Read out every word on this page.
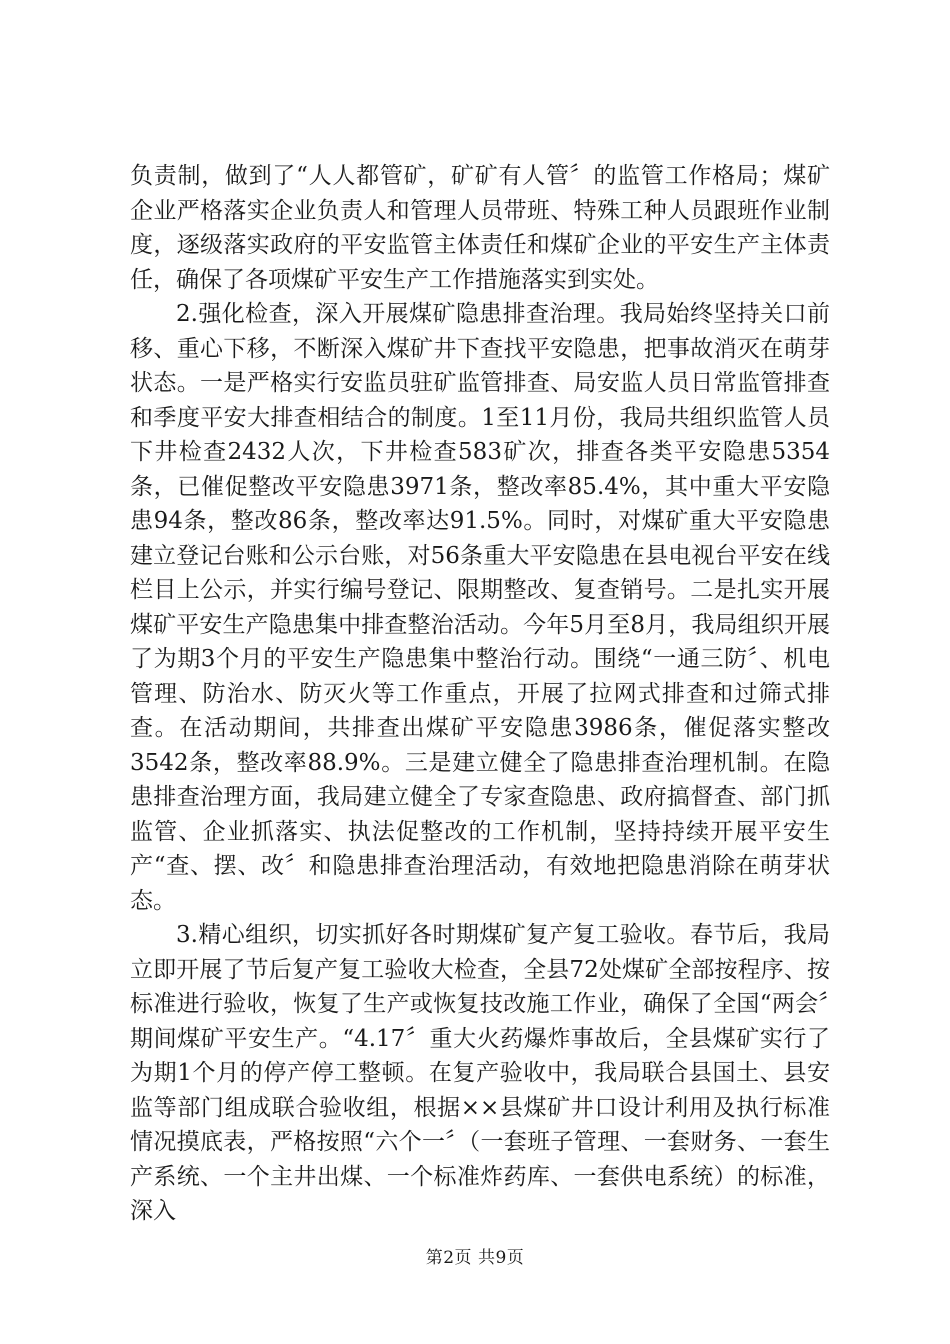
负责制，做到了“人人都管矿，矿矿有人管〞的监管工作格局；煤矿企业严格落实企业负责人和管理人员带班、特殊工种人员跟班作业制度，逐级落实政府的平安监管主体责任和煤矿企业的平安生产主体责任，确保了各项煤矿平安生产工作措施落实到实处。

2.强化检查，深入开展煤矿隐患排查治理。我局始终坚持关口前移、重心下移，不断深入煤矿井下查找平安隐患，把事故消灭在萌芽状态。一是严格实行安监员驻矿监管排查、局安监人员日常监管排查和季度平安大排查相结合的制度。1至11月份，我局共组织监管人员下井检查2432人次，下井检查583矿次，排查各类平安隐患5354条，已催促整改平安隐患3971条，整改率85.4%，其中重大平安隐患94条，整改86条，整改率达91.5%。同时，对煤矿重大平安隐患建立登记台账和公示台账，对56条重大平安隐患在县电视台平安在线栏目上公示，并实行编号登记、限期整改、复查销号。二是扎实开展煤矿平安生产隐患集中排查整治活动。今年5月至8月，我局组织开展了为期3个月的平安生产隐患集中整治行动。围绕“一通三防〞、机电管理、防治水、防灭火等工作重点，开展了拉网式排查和过筛式排查。在活动期间，共排查出煤矿平安隐患3986条，催促落实整改3542条，整改率88.9%。三是建立健全了隐患排查治理机制。在隐患排查治理方面，我局建立健全了专家查隐患、政府搞督查、部门抓监管、企业抓落实、执法促整改的工作机制，坚持持续开展平安生产“查、摆、改〞和隐患排查治理活动，有效地把隐患消除在萌芽状态。

3.精心组织，切实抓好各时期煤矿复产复工验收。春节后，我局立即开展了节后复产复工验收大检查，全县72处煤矿全部按程序、按标准进行验收，恢复了生产或恢复技改施工作业，确保了全国“两会〞期间煤矿平安生产。“4.17〞重大火药爆炸事故后，全县煤矿实行了为期1个月的停产停工整顿。在复产验收中，我局联合县国土、县安监等部门组成联合验收组，根据××县煤矿井口设计利用及执行标准情况摸底表，严格按照“六个一〞（一套班子管理、一套财务、一套生产系统、一个主井出煤、一个标准炸药库、一套供电系统）的标准，深入

第2页 共9页
